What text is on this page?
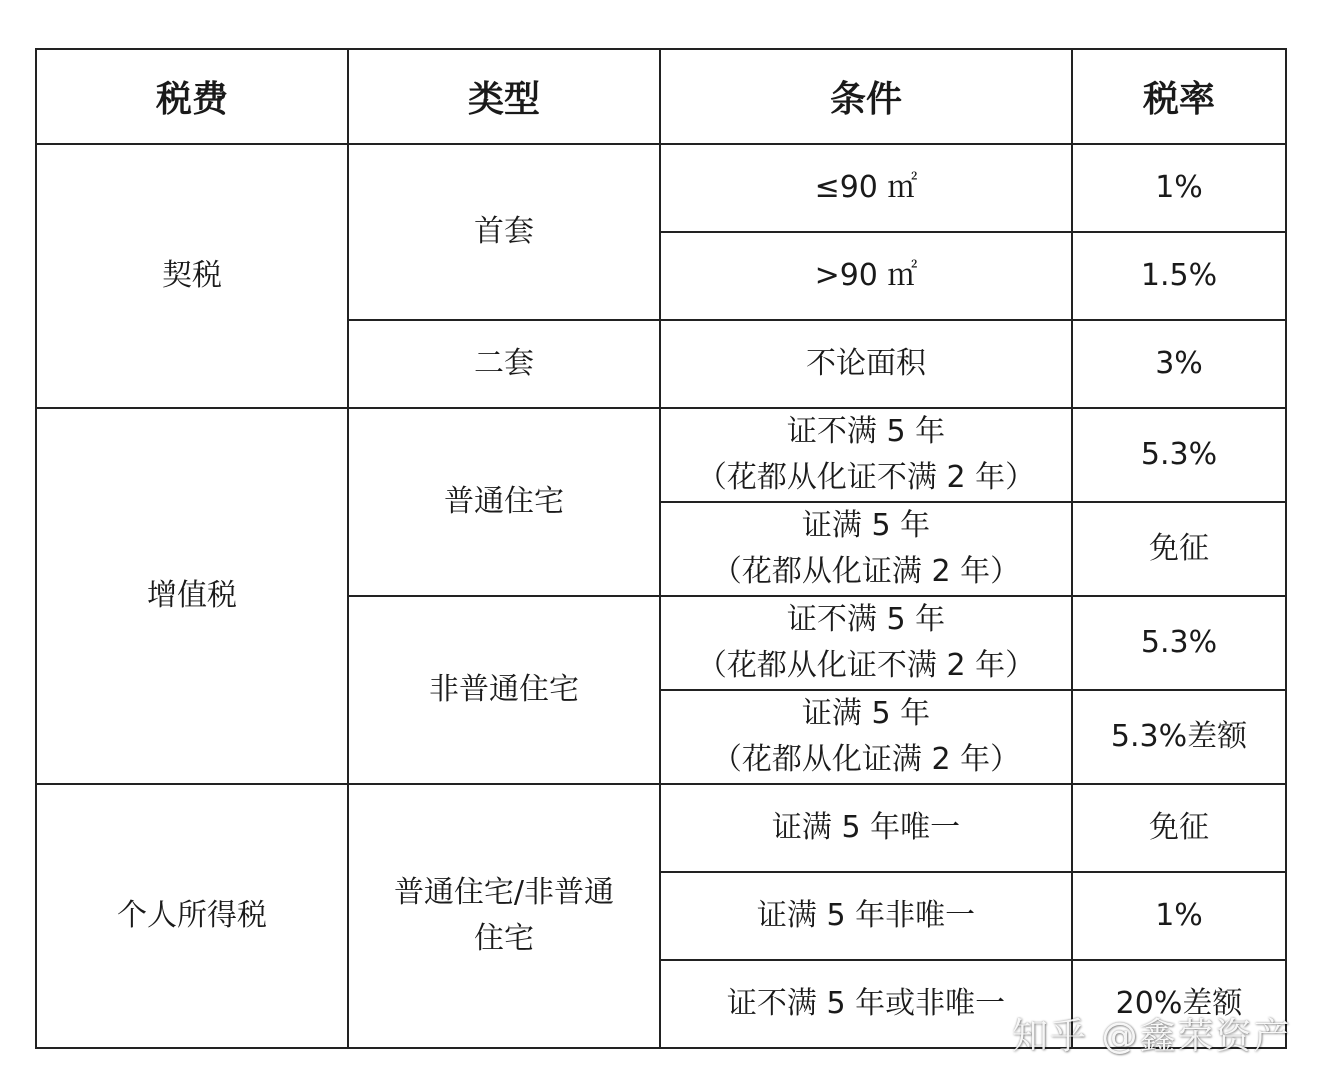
税费	类型	条件	税率
契税	首套	≤90 ㎡	1%
		>90 ㎡	1.5%
	二套	不论面积	3%
增值税	普通住宅	证不满 5 年
（花都从化证不满 2 年）	5.3%

		证满 5 年
（花都从化证满 2 年）	免征
	非普通住宅	证不满 5 年
（花都从化证不满 2 年）	5.3%

		证满 5 年
（花都从化证满 2 年）	5.3%差额
个人所得税	普通住宅/非普通
住宅	证满 5 年唯一	免征
		证满 5 年非唯一	1%
		证不满 5 年或非唯一	20%差额
知乎 @鑫荣资产
